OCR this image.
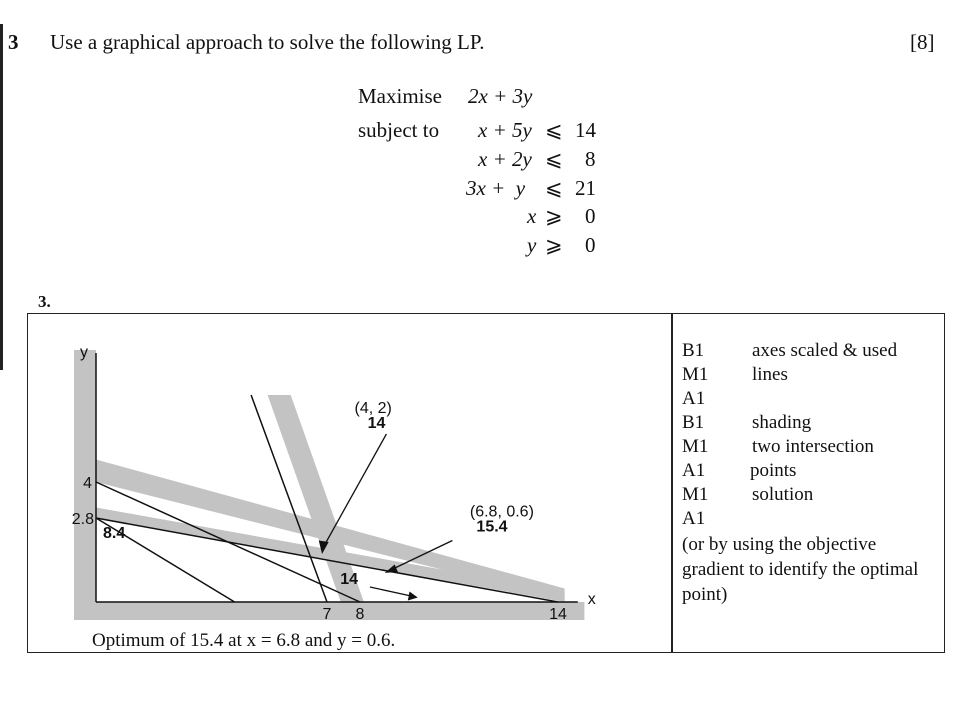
3 Use a graphical approach to solve the following LP.	[8]
Maximise 2x + 3y
subject to x + 5y ⩽ 14
x + 2y ⩽ 8
3x +  y ⩽ 21
x ⩾ 0
y ⩾ 0
3.
y
x
7 8	14
4
2.8
(4, 2)
14
(6.8, 0.6)
15.4
8.4
14
Optimum of 15.4 at x = 6.8 and y = 0.6.
B1	axes scaled & used
M1 lines
A1
B1	shading
M1 two intersection
A1 points
M1 solution
A1
(or by using the objective gradient to identify the optimal point)
